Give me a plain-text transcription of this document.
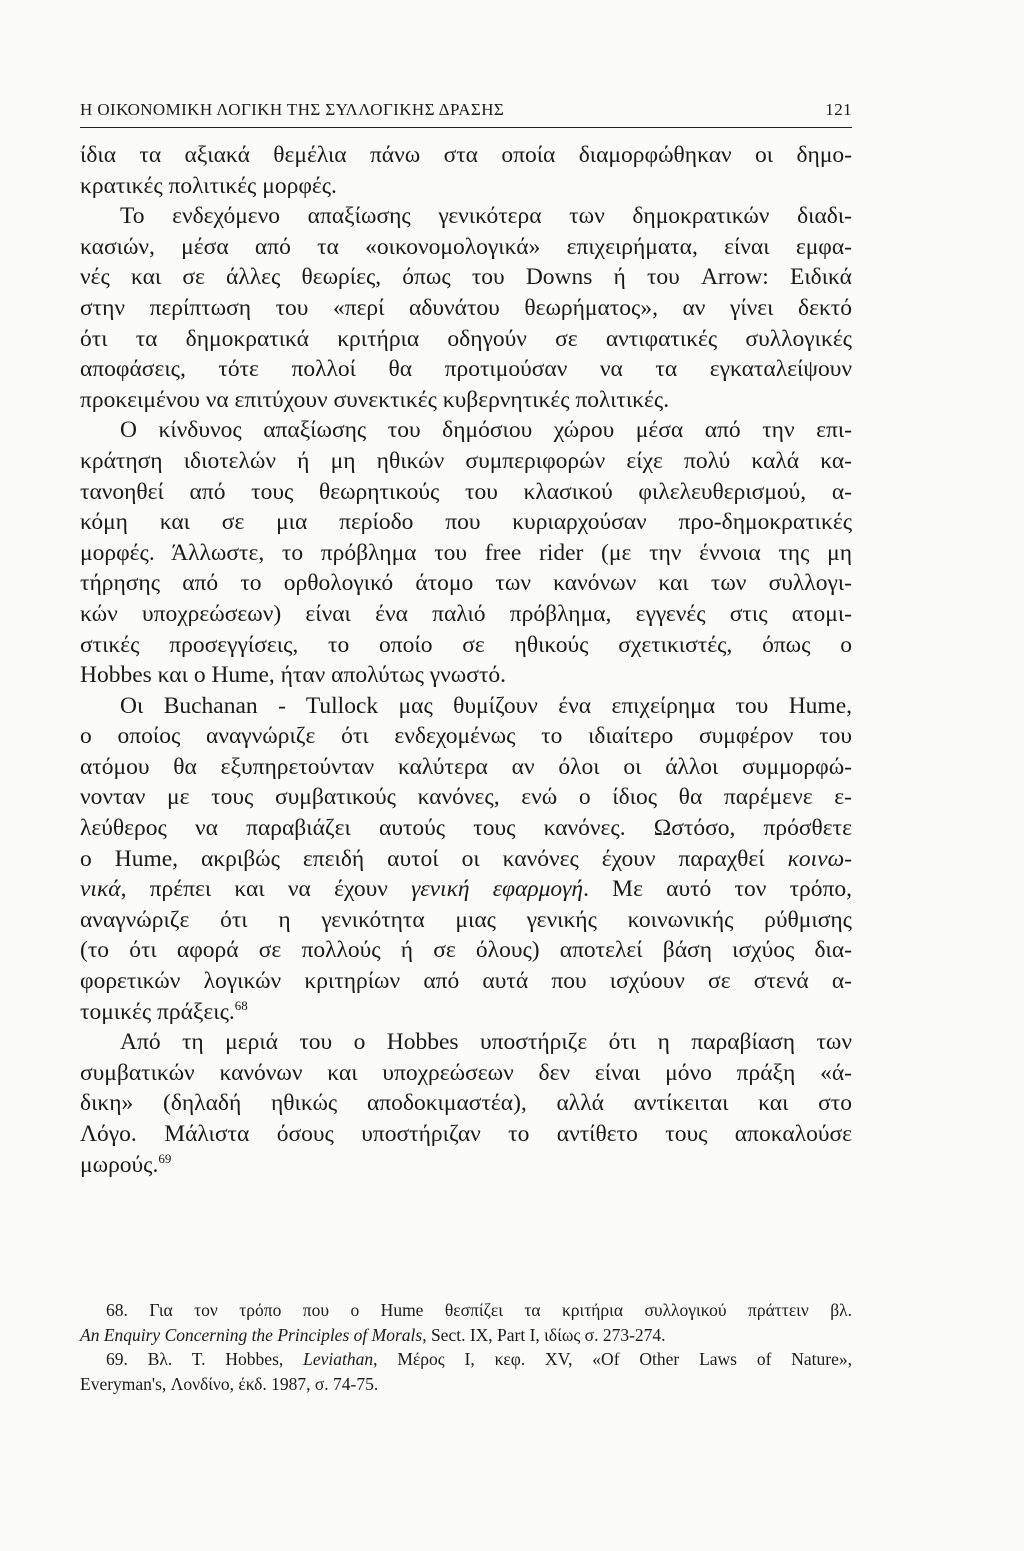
Η ΟΙΚΟΝΟΜΙΚΗ ΛΟΓΙΚΗ ΤΗΣ ΣΥΛΛΟΓΙΚΗΣ ΔΡΑΣΗΣ	121
ίδια τα αξιακά θεμέλια πάνω στα οποία διαμορφώθηκαν οι δημο-
κρατικές πολιτικές μορφές.
Το ενδεχόμενο απαξίωσης γενικότερα των δημοκρατικών διαδι-
κασιών, μέσα από τα «οικονομολογικά» επιχειρήματα, είναι εμφα-
νές και σε άλλες θεωρίες, όπως του Downs ή του Arrow: Ειδικά
στην περίπτωση του «περί αδυνάτου θεωρήματος», αν γίνει δεκτό
ότι τα δημοκρατικά κριτήρια οδηγούν σε αντιφατικές συλλογικές
αποφάσεις, τότε πολλοί θα προτιμούσαν να τα εγκαταλείψουν
προκειμένου να επιτύχουν συνεκτικές κυβερνητικές πολιτικές.
Ο κίνδυνος απαξίωσης του δημόσιου χώρου μέσα από την επι-
κράτηση ιδιοτελών ή μη ηθικών συμπεριφορών είχε πολύ καλά κα-
τανοηθεί από τους θεωρητικούς του κλασικού φιλελευθερισμού, α-
κόμη και σε μια περίοδο που κυριαρχούσαν προ-δημοκρατικές
μορφές. Άλλωστε, το πρόβλημα του free rider (με την έννοια της μη
τήρησης από το ορθολογικό άτομο των κανόνων και των συλλογι-
κών υποχρεώσεων) είναι ένα παλιό πρόβλημα, εγγενές στις ατομι-
στικές προσεγγίσεις, το οποίο σε ηθικούς σχετικιστές, όπως ο
Hobbes και ο Hume, ήταν απολύτως γνωστό.
Οι Buchanan - Tullock μας θυμίζουν ένα επιχείρημα του Hume,
ο οποίος αναγνώριζε ότι ενδεχομένως το ιδιαίτερο συμφέρον του
ατόμου θα εξυπηρετούνταν καλύτερα αν όλοι οι άλλοι συμμορφώ-
νονταν με τους συμβατικούς κανόνες, ενώ ο ίδιος θα παρέμενε ε-
λεύθερος να παραβιάζει αυτούς τους κανόνες. Ωστόσο, πρόσθετε
ο Hume, ακριβώς επειδή αυτοί οι κανόνες έχουν παραχθεί κοινω-
νικά, πρέπει και να έχουν γενική εφαρμογή. Με αυτό τον τρόπο,
αναγνώριζε ότι η γενικότητα μιας γενικής κοινωνικής ρύθμισης
(το ότι αφορά σε πολλούς ή σε όλους) αποτελεί βάση ισχύος δια-
φορετικών λογικών κριτηρίων από αυτά που ισχύουν σε στενά α-
τομικές πράξεις.$^{68}$
Από τη μεριά του ο Hobbes υποστήριζε ότι η παραβίαση των
συμβατικών κανόνων και υποχρεώσεων δεν είναι μόνο πράξη «ά-
δικη» (δηλαδή ηθικώς αποδοκιμαστέα), αλλά αντίκειται και στο
Λόγο. Μάλιστα όσους υποστήριζαν το αντίθετο τους αποκαλούσε
μωρούς.$^{69}$
68. Για τον τρόπο που ο Hume θεσπίζει τα κριτήρια συλλογικού πράττειν βλ.
An Enquiry Concerning the Principles of Morals, Sect. IX, Part I, ιδίως σ. 273-274.
69. Βλ. Τ. Hobbes, Leviathan, Μέρος Ι, κεφ. XV, «Of Other Laws of Nature»,
Everyman's, Λονδίνο, έκδ. 1987, σ. 74-75.
